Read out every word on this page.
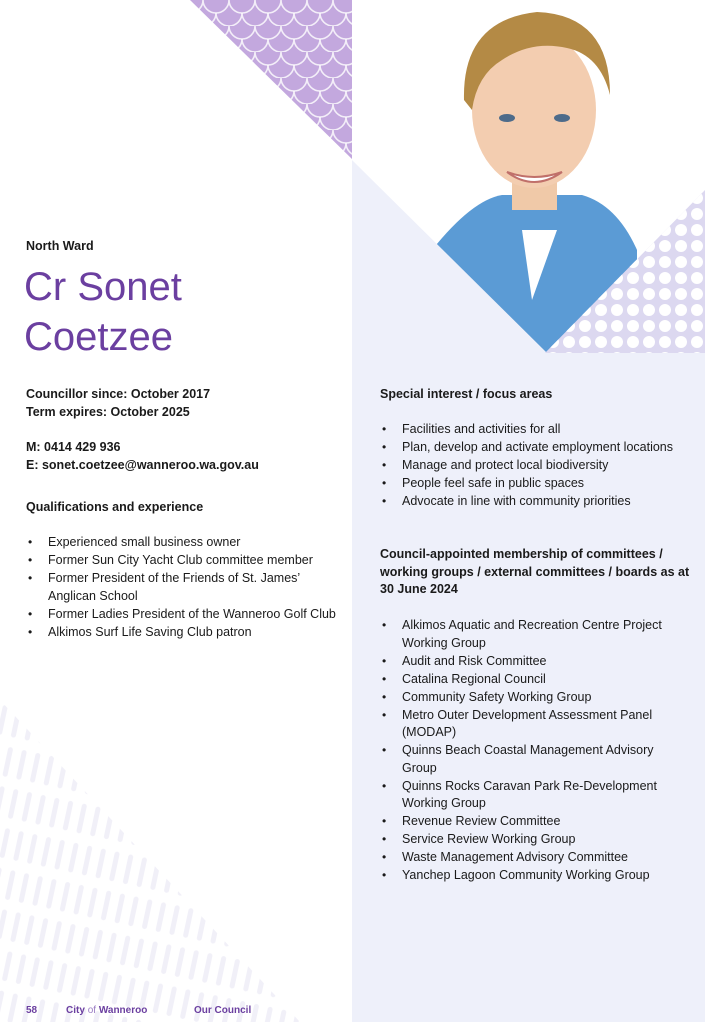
North Ward
Cr Sonet
Coetzee
Councillor since: October 2017
Term expires: October 2025
M: 0414 429 936
E: sonet.coetzee@wanneroo.wa.gov.au
Qualifications and experience
• Experienced small business owner
• Former Sun City Yacht Club committee member
• Former President of the Friends of St. James’ Anglican School
• Former Ladies President of the Wanneroo Golf Club
• Alkimos Surf Life Saving Club patron
Special interest / focus areas
• Facilities and activities for all
• Plan, develop and activate employment locations
• Manage and protect local biodiversity
• People feel safe in public spaces
• Advocate in line with community priorities
Council-appointed membership of committees / working groups / external committees / boards as at 30 June 2024
• Alkimos Aquatic and Recreation Centre Project Working Group
• Audit and Risk Committee
• Catalina Regional Council
• Community Safety Working Group
• Metro Outer Development Assessment Panel (MODAP)
• Quinns Beach Coastal Management Advisory Group
• Quinns Rocks Caravan Park Re-Development Working Group
• Revenue Review Committee
• Service Review Working Group
• Waste Management Advisory Committee
• Yanchep Lagoon Community Working Group
58	City of Wanneroo	Our Council
